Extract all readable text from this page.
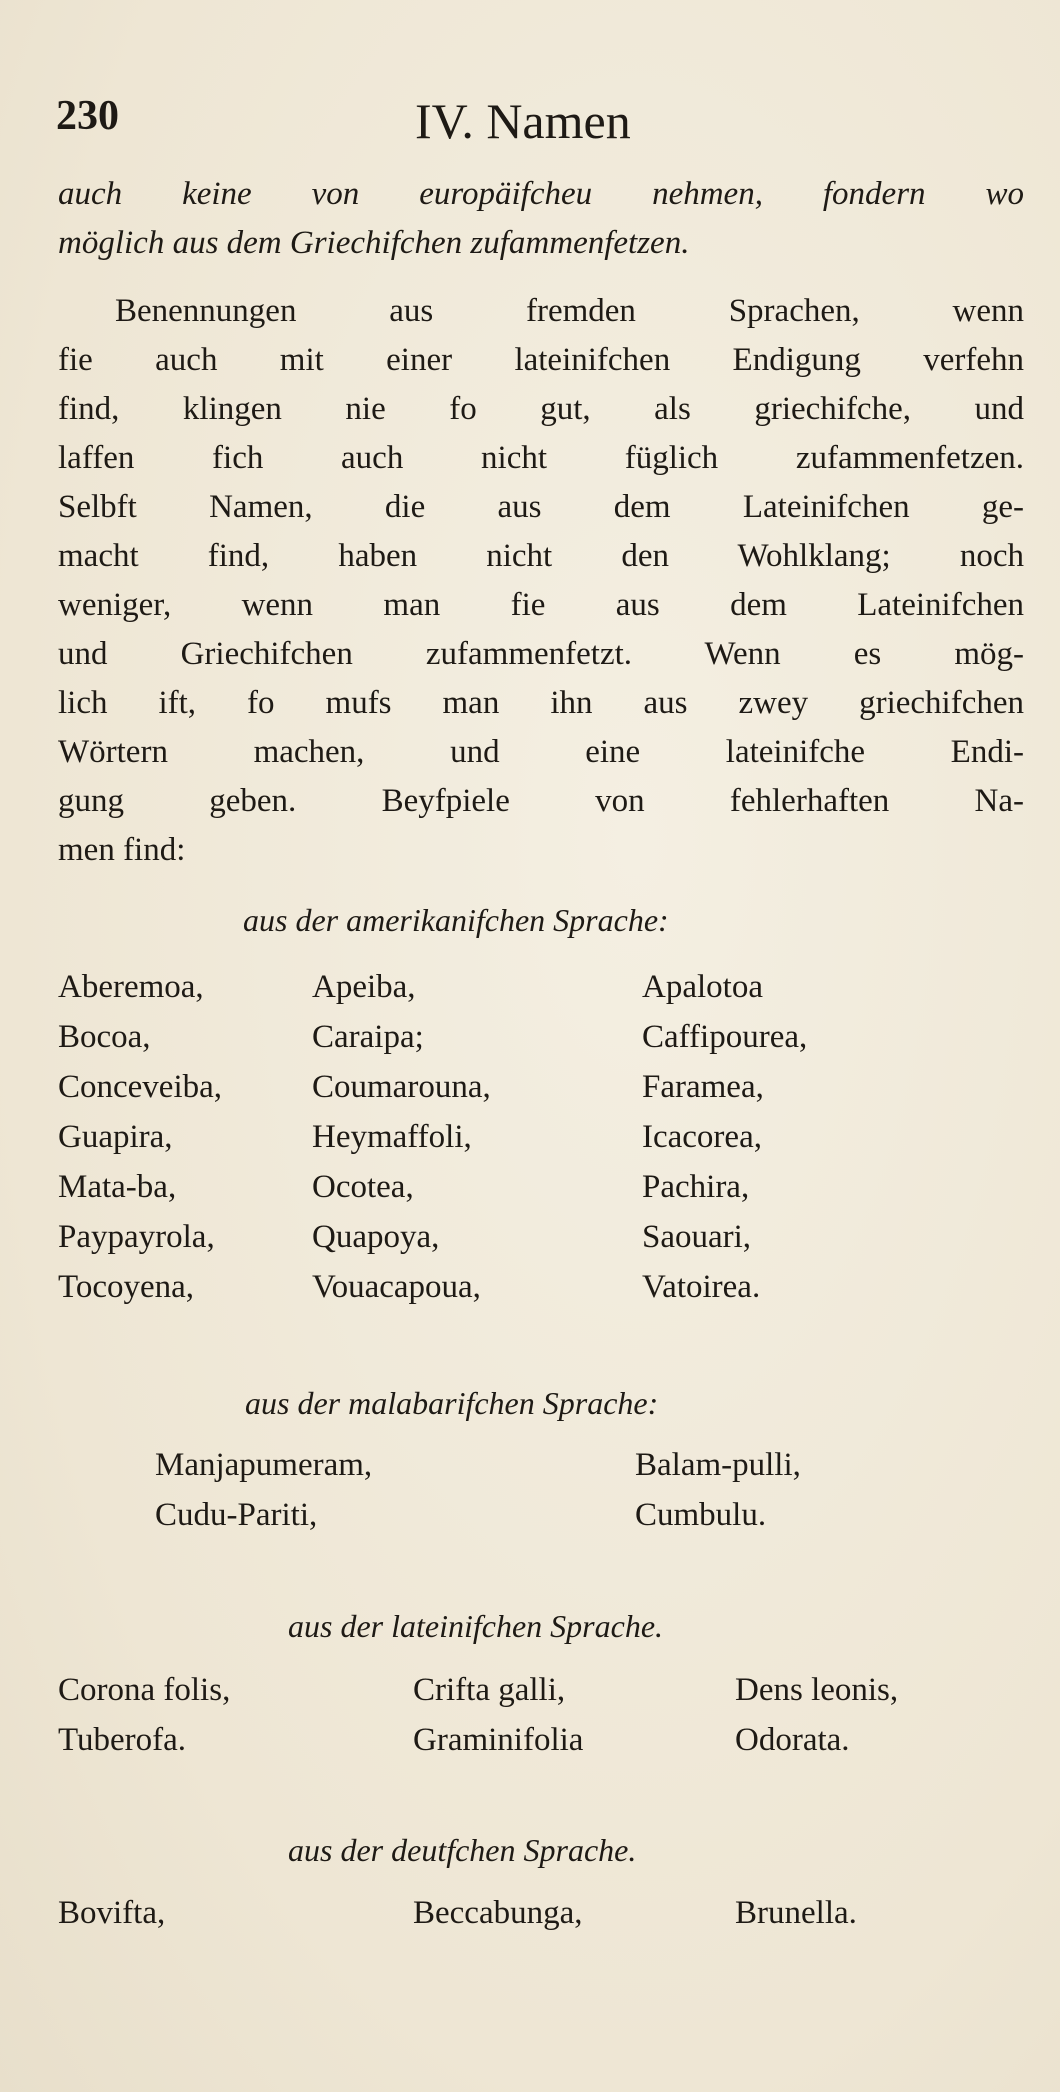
230	IV. Namen
auch keine von europäifcheu nehmen, fondern wo
möglich aus dem Griechifchen zufammenfetzen.
Benennungen aus fremden Sprachen, wenn
fie auch mit einer lateinifchen Endigung verfehn
find, klingen nie fo gut, als griechifche, und
laffen fich auch nicht füglich zufammenfetzen.
Selbft Namen, die aus dem Lateinifchen ge-
macht find, haben nicht den Wohlklang; noch
weniger, wenn man fie aus dem Lateinifchen
und Griechifchen zufammenfetzt. Wenn es mög-
lich ift, fo mufs man ihn aus zwey griechifchen
Wörtern machen, und eine lateinifche Endi-
gung geben. Beyfpiele von fehlerhaften Na-
men find:
aus der amerikanifchen Sprache:
Aberemoa,	Apeiba,	Apalotoa
Bocoa,	Caraipa;	Caffipourea,
Conceveiba,	Coumarouna,	Faramea,
Guapira,	Heymaffoli,	Icacorea,
Mata-ba,	Ocotea,	Pachira,
Paypayrola,	Quapoya,	Saouari,
Tocoyena,	Vouacapoua,	Vatoirea.
aus der malabarifchen Sprache:
Manjapumeram,	Balam-pulli,
Cudu-Pariti,	Cumbulu.
aus der lateinifchen Sprache.
Corona folis,	Crifta galli,	Dens leonis,
Tuberofa.	Graminifolia	Odorata.
aus der deutfchen Sprache.
Bovifta,	Beccabunga,	Brunella.
